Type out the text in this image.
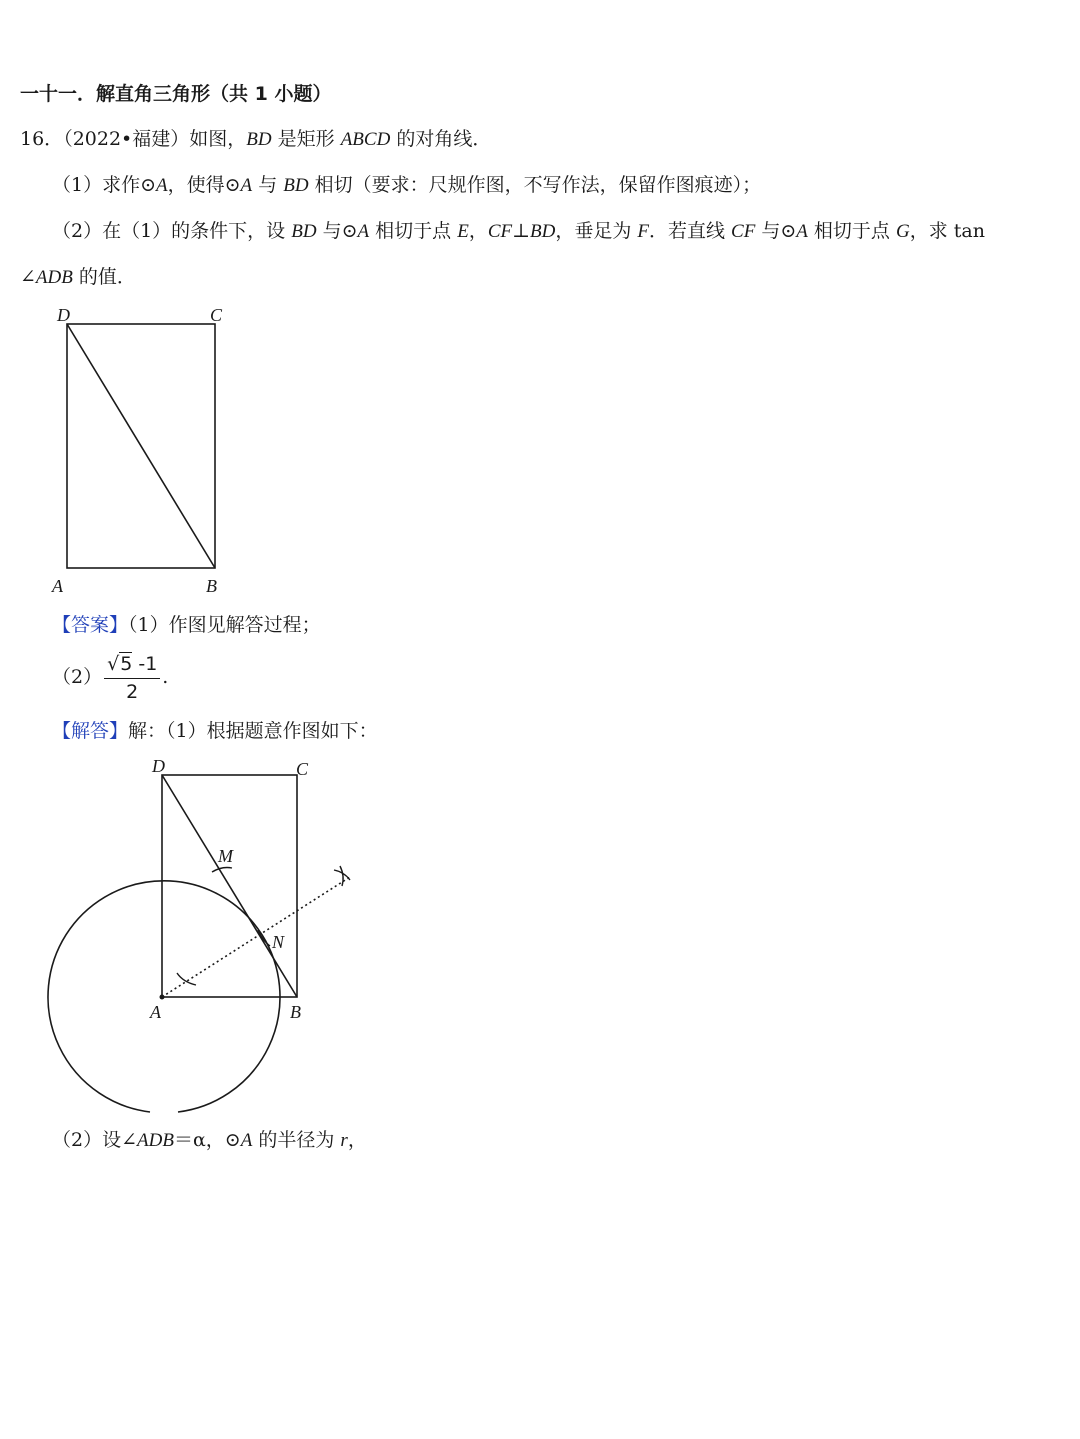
一十一．解直角三角形（共 1 小题）
16．（2022•福建）如图，BD 是矩形 ABCD 的对角线．
（1）求作⊙A，使得⊙A 与 BD 相切（要求：尺规作图，不写作法，保留作图痕迹）；
（2）在（1）的条件下，设 BD 与⊙A 相切于点 E，CF⊥BD，垂足为 F．若直线 CF 与⊙A 相切于点 G，求 tan
∠ADB 的值．
D	C
A	B
【答案】（1）作图见解答过程；
$(2) \frac{√5 -1}{2}$ .
【解答】解：（1）根据题意作图如下：
D	C
A	B
M
N
（2）设∠ADB＝α，⊙A 的半径为 r，
